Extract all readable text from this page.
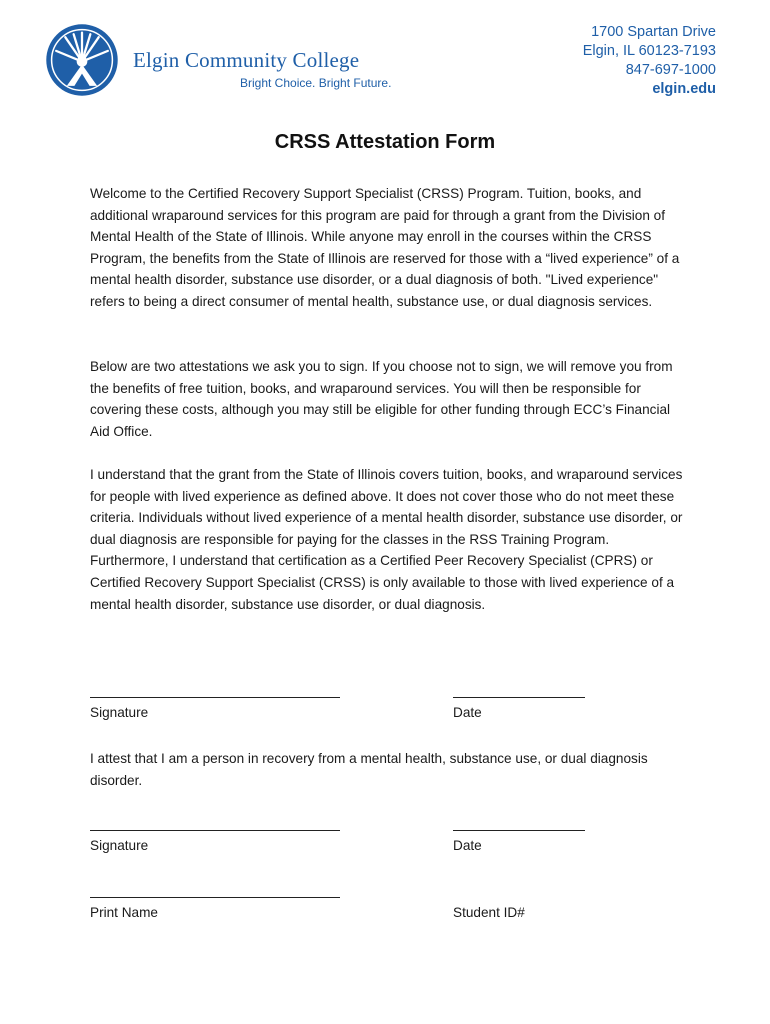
Elgin Community College
Bright Choice. Bright Future.
1700 Spartan Drive
Elgin, IL 60123-7193
847-697-1000
elgin.edu
CRSS Attestation Form

Welcome to the Certified Recovery Support Specialist (CRSS) Program. Tuition, books, and additional wraparound services for this program are paid for through a grant from the Division of Mental Health of the State of Illinois. While anyone may enroll in the courses within the CRSS Program, the benefits from the State of Illinois are reserved for those with a “lived experience” of a mental health disorder, substance use disorder, or a dual diagnosis of both. "Lived experience" refers to being a direct consumer of mental health, substance use, or dual diagnosis services.

Below are two attestations we ask you to sign. If you choose not to sign, we will remove you from the benefits of free tuition, books, and wraparound services. You will then be responsible for covering these costs, although you may still be eligible for other funding through ECC’s Financial Aid Office.

I understand that the grant from the State of Illinois covers tuition, books, and wraparound services for people with lived experience as defined above. It does not cover those who do not meet these criteria. Individuals without lived experience of a mental health disorder, substance use disorder, or dual diagnosis are responsible for paying for the classes in the RSS Training Program. Furthermore, I understand that certification as a Certified Peer Recovery Specialist (CPRS) or Certified Recovery Support Specialist (CRSS) is only available to those with lived experience of a mental health disorder, substance use disorder, or dual diagnosis.

Signature	Date

I attest that I am a person in recovery from a mental health, substance use, or dual diagnosis disorder.

Signature	Date
Print Name	Student ID#
